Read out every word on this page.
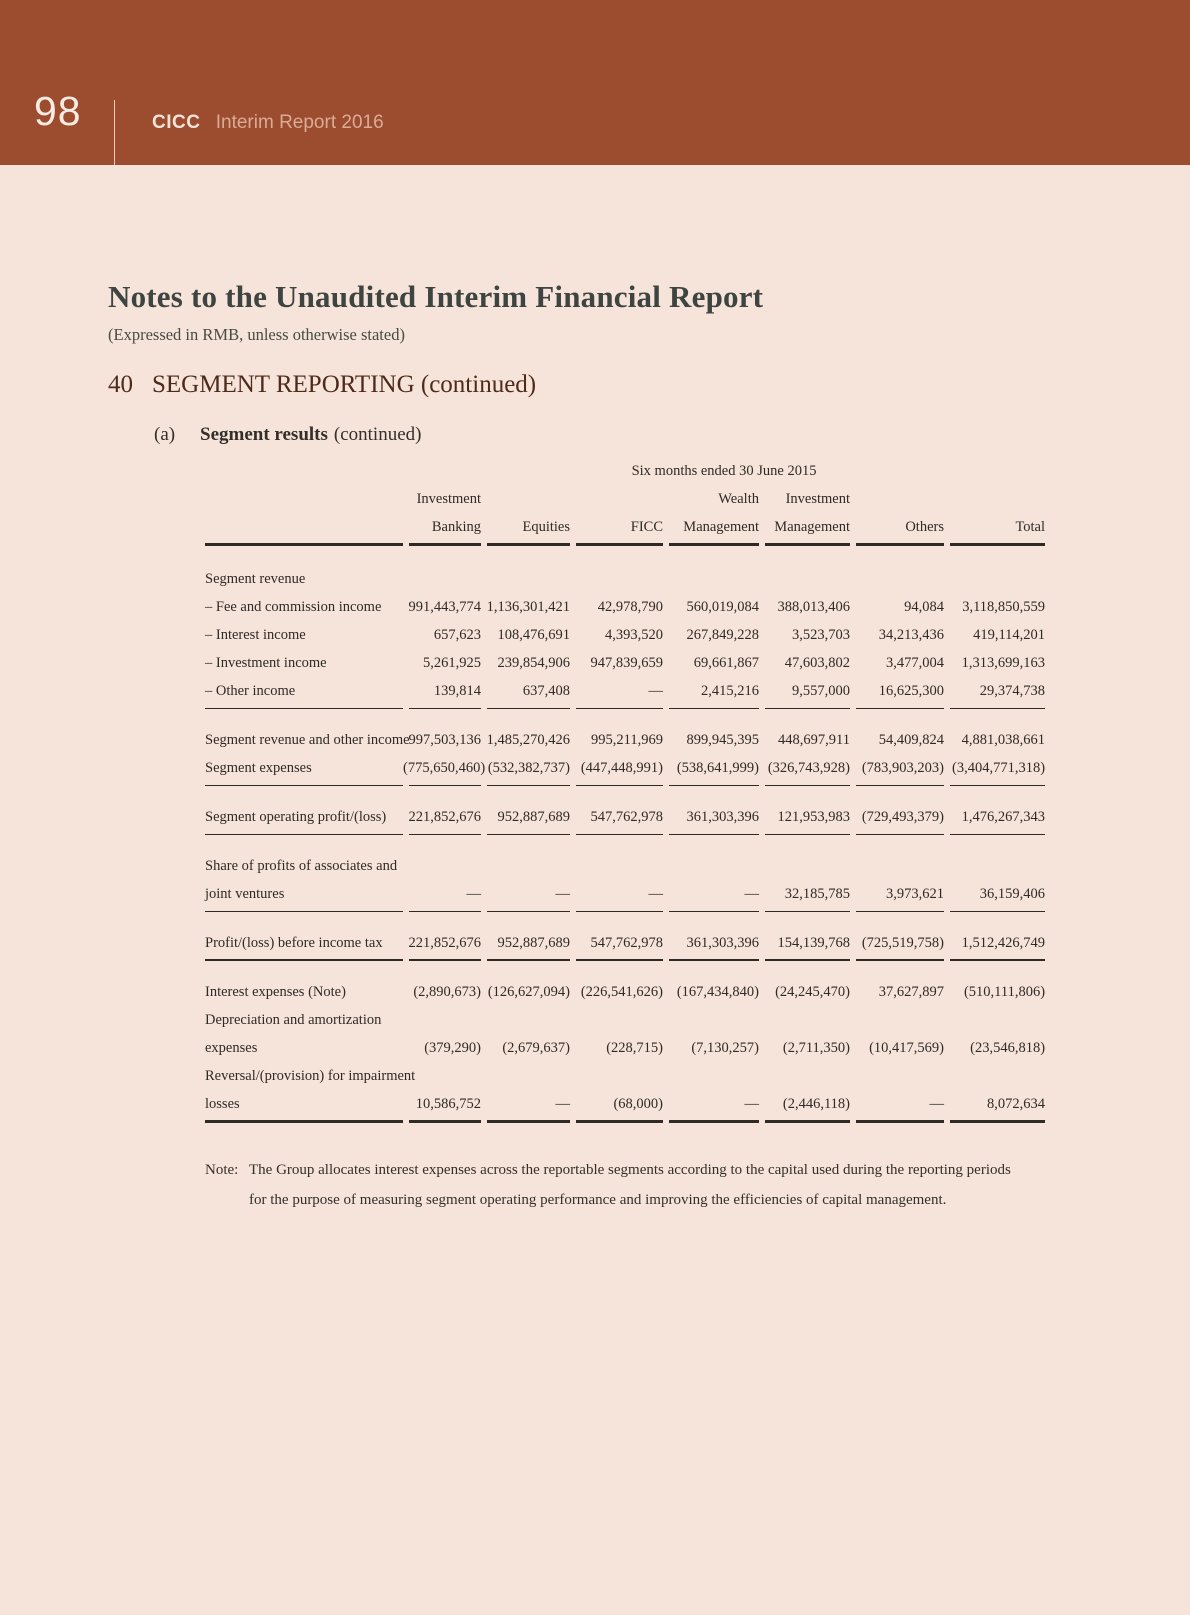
98	CICC Interim Report 2016
Notes to the Unaudited Interim Financial Report
(Expressed in RMB, unless otherwise stated)
40 SEGMENT REPORTING (continued)
(a)	Segment results (continued)
	Six months ended 30 June 2015						
	Investment			Wealth	Investment		
	Banking	Equities	FICC	Management	Management	Others	Total

Segment revenue							
– Fee and commission income	991,443,774	1,136,301,421	42,978,790	560,019,084	388,013,406	94,084	3,118,850,559
– Interest income	657,623	108,476,691	4,393,520	267,849,228	3,523,703	34,213,436	419,114,201
– Investment income	5,261,925	239,854,906	947,839,659	69,661,867	47,603,802	3,477,004	1,313,699,163
– Other income	139,814	637,408	—	2,415,216	9,557,000	16,625,300	29,374,738

Segment revenue and other income	997,503,136	1,485,270,426	995,211,969	899,945,395	448,697,911	54,409,824	4,881,038,661
Segment expenses	(775,650,460)	(532,382,737)	(447,448,991)	(538,641,999)	(326,743,928)	(783,903,203)	(3,404,771,318)

Segment operating profit/(loss)	221,852,676	952,887,689	547,762,978	361,303,396	121,953,983	(729,493,379)	1,476,267,343

Share of profits of associates and							
joint ventures	—	—	—	—	32,185,785	3,973,621	36,159,406

Profit/(loss) before income tax	221,852,676	952,887,689	547,762,978	361,303,396	154,139,768	(725,519,758)	1,512,426,749

Interest expenses (Note)	(2,890,673)	(126,627,094)	(226,541,626)	(167,434,840)	(24,245,470)	37,627,897	(510,111,806)
Depreciation and amortization							
expenses	(379,290)	(2,679,637)	(228,715)	(7,130,257)	(2,711,350)	(10,417,569)	(23,546,818)
Reversal/(provision) for impairment							
losses	10,586,752	—	(68,000)	—	(2,446,118)	—	8,072,634

Note: The Group allocates interest expenses across the reportable segments according to the capital used during the reporting periods
for the purpose of measuring segment operating performance and improving the efficiencies of capital management.
